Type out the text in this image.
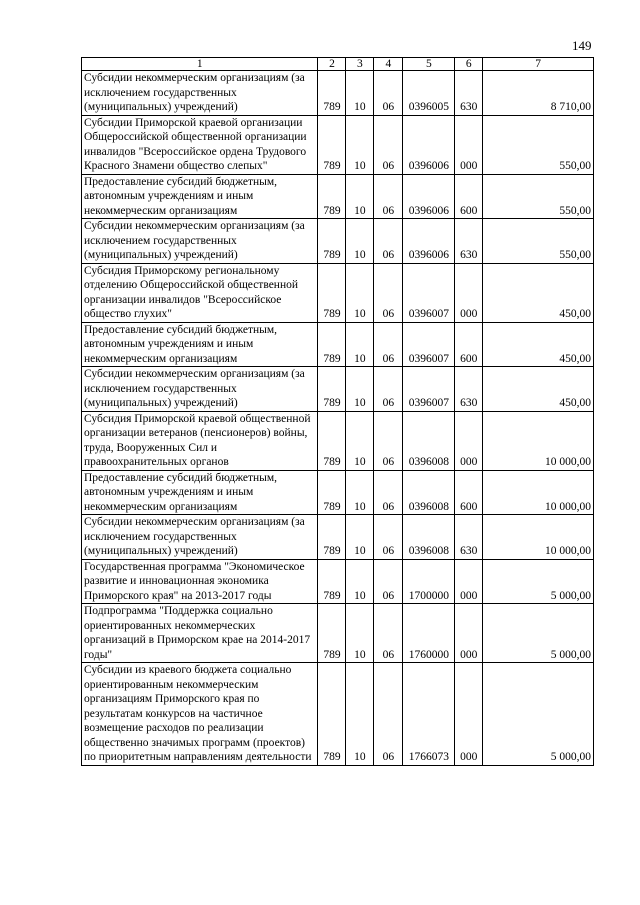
149
1	2	3	4	5	6	7
Субсидии некоммерческим организациям (за исключением государственных (муниципальных) учреждений)	789	10	06	0396005	630	8 710,00
Субсидии Приморской краевой организации Общероссийской общественной организации инвалидов "Всероссийское ордена Трудового Красного Знамени общество слепых"	789	10	06	0396006	000	550,00
Предоставление субсидий бюджетным, автономным учреждениям и иным некоммерческим организациям	789	10	06	0396006	600	550,00
Субсидии некоммерческим организациям (за исключением государственных (муниципальных) учреждений)	789	10	06	0396006	630	550,00
Субсидия Приморскому региональному отделению Общероссийской общественной организации инвалидов "Всероссийское общество глухих"	789	10	06	0396007	000	450,00
Предоставление субсидий бюджетным, автономным учреждениям и иным некоммерческим организациям	789	10	06	0396007	600	450,00
Субсидии некоммерческим организациям (за исключением государственных (муниципальных) учреждений)	789	10	06	0396007	630	450,00
Субсидия Приморской краевой общественной организации ветеранов (пенсионеров) войны, труда, Вооруженных Сил и правоохранительных органов	789	10	06	0396008	000	10 000,00
Предоставление субсидий бюджетным, автономным учреждениям и иным некоммерческим организациям	789	10	06	0396008	600	10 000,00
Субсидии некоммерческим организациям (за исключением государственных (муниципальных) учреждений)	789	10	06	0396008	630	10 000,00
Государственная программа "Экономическое развитие и инновационная экономика Приморского края" на 2013-2017 годы	789	10	06	1700000	000	5 000,00
Подпрограмма "Поддержка социально ориентированных некоммерческих организаций в Приморском крае на 2014-2017 годы"	789	10	06	1760000	000	5 000,00
Субсидии из краевого бюджета социально ориентированным некоммерческим организациям Приморского края по результатам конкурсов на частичное возмещение расходов по реализации общественно значимых программ (проектов) по приоритетным направлениям деятельности	789	10	06	1766073	000	5 000,00
